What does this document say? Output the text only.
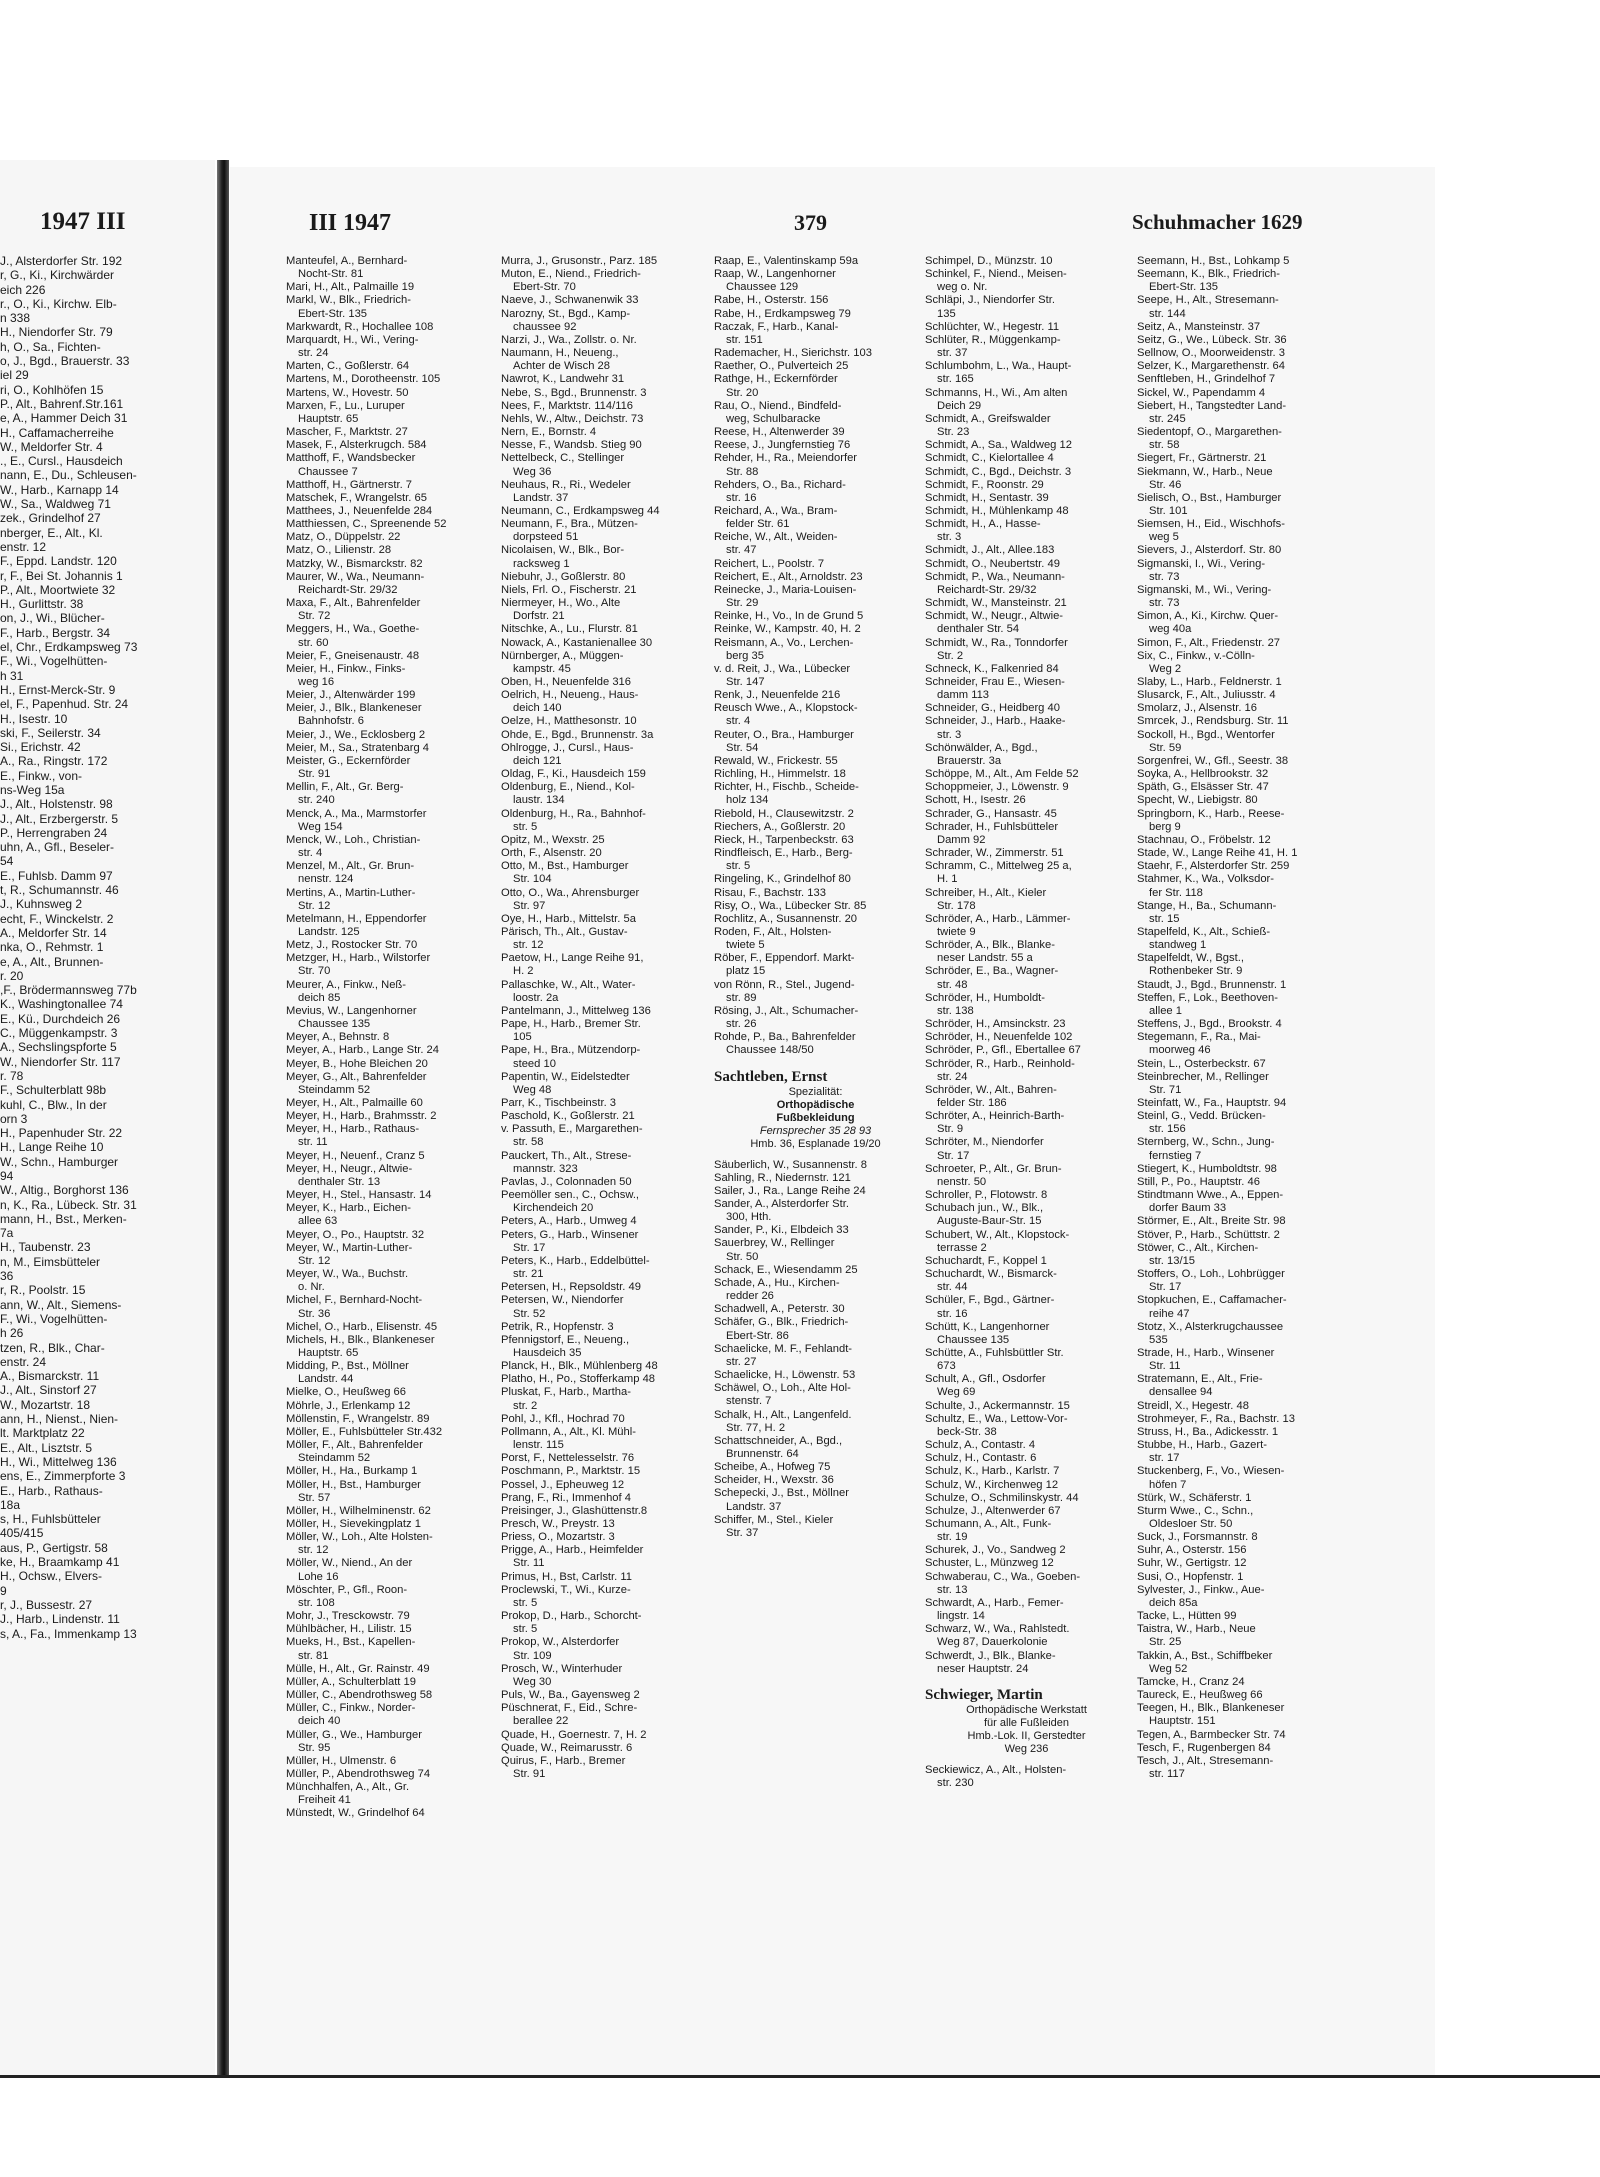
1947 III
J., Alsterdorfer Str. 192
r, G., Ki., Kirchwärder
eich 226
r., O., Ki., Kirchw. Elb-
n 338
H., Niendorfer Str. 79
h, O., Sa., Fichten-
o, J., Bgd., Brauerstr. 33
iel 29
ri, O., Kohlhöfen 15
P., Alt., Bahrenf.Str.161
e, A., Hammer Deich 31
H., Caffamacherreihe
W., Meldorfer Str. 4
., E., Cursl., Hausdeich
nann, E., Du., Schleusen-
W., Harb., Karnapp 14
W., Sa., Waldweg 71
zek., Grindelhof 27
nberger, E., Alt., Kl.
enstr. 12
F., Eppd. Landstr. 120
r, F., Bei St. Johannis 1
P., Alt., Moortwiete 32
H., Gurlittstr. 38
on, J., Wi., Blücher-
F., Harb., Bergstr. 34
el, Chr., Erdkampsweg 73
F., Wi., Vogelhütten-
h 31
H., Ernst-Merck-Str. 9
el, F., Papenhud. Str. 24
H., Isestr. 10
ski, F., Seilerstr. 34
Si., Erichstr. 42
A., Ra., Ringstr. 172
E., Finkw., von-
ns-Weg 15a
J., Alt., Holstenstr. 98
J., Alt., Erzbergerstr. 5
P., Herrengraben 24
uhn, A., Gfl., Beseler-
54
E., Fuhlsb. Damm 97
t, R., Schumannstr. 46
J., Kuhnsweg 2
echt, F., Winckelstr. 2
A., Meldorfer Str. 14
nka, O., Rehmstr. 1
e, A., Alt., Brunnen-
r. 20
,F., Brödermannsweg 77b
K., Washingtonallee 74
E., Kü., Durchdeich 26
C., Müggenkampstr. 3
A., Sechslingspforte 5
W., Niendorfer Str. 117
r. 78
F., Schulterblatt 98b
kuhl, C., Blw., In der
orn 3
H., Papenhuder Str. 22
H., Lange Reihe 10
W., Schn., Hamburger
94
W., Altig., Borghorst 136
n, K., Ra., Lübeck. Str. 31
mann, H., Bst., Merken-
7a
H., Taubenstr. 23
n, M., Eimsbütteler
36
r, R., Poolstr. 15
ann, W., Alt., Siemens-
F., Wi., Vogelhütten-
h 26
tzen, R., Blk., Char-
enstr. 24
A., Bismarckstr. 11
J., Alt., Sinstorf 27
W., Mozartstr. 18
ann, H., Nienst., Nien-
lt. Marktplatz 22
E., Alt., Lisztstr. 5
H., Wi., Mittelweg 136
ens, E., Zimmerpforte 3
E., Harb., Rathaus-
18a
s, H., Fuhlsbütteler
405/415
aus, P., Gertigstr. 58
ke, H., Braamkamp 41
H., Ochsw., Elvers-
9
r, J., Bussestr. 27
J., Harb., Lindenstr. 11
s, A., Fa., Immenkamp 13
III 1947	379	Schuhmacher 1629
Manteufel, A., Bernhard-
Nocht-Str. 81
Mari, H., Alt., Palmaille 19
Markl, W., Blk., Friedrich-
Ebert-Str. 135
Markwardt, R., Hochallee 108
Marquardt, H., Wi., Vering-
str. 24
Marten, C., Goßlerstr. 64
Martens, M., Dorotheenstr. 105
Martens, W., Hovestr. 50
Marxen, F., Lu., Luruper
Hauptstr. 65
Mascher, F., Marktstr. 27
Masek, F., Alsterkrugch. 584
Matthoff, F., Wandsbecker
Chaussee 7
Matthoff, H., Gärtnerstr. 7
Matschek, F., Wrangelstr. 65
Matthees, J., Neuenfelde 284
Matthiessen, C., Spreenende 52
Matz, O., Düppelstr. 22
Matz, O., Lilienstr. 28
Matzky, W., Bismarckstr. 82
Maurer, W., Wa., Neumann-
Reichardt-Str. 29/32
Maxa, F., Alt., Bahrenfelder
Str. 72
Meggers, H., Wa., Goethe-
str. 60
Meier, F., Gneisenaustr. 48
Meier, H., Finkw., Finks-
weg 16
Meier, J., Altenwärder 199
Meier, J., Blk., Blankeneser
Bahnhofstr. 6
Meier, J., We., Ecklosberg 2
Meier, M., Sa., Stratenbarg 4
Meister, G., Eckernförder
Str. 91
Mellin, F., Alt., Gr. Berg-
str. 240
Menck, A., Ma., Marmstorfer
Weg 154
Menck, W., Loh., Christian-
str. 4
Menzel, M., Alt., Gr. Brun-
nenstr. 124
Mertins, A., Martin-Luther-
Str. 12
Metelmann, H., Eppendorfer
Landstr. 125
Metz, J., Rostocker Str. 70
Metzger, H., Harb., Wilstorfer
Str. 70
Meurer, A., Finkw., Neß-
deich 85
Mevius, W., Langenhorner
Chaussee 135
Meyer, A., Behnstr. 8
Meyer, A., Harb., Lange Str. 24
Meyer, B., Hohe Bleichen 20
Meyer, G., Alt., Bahrenfelder
Steindamm 52
Meyer, H., Alt., Palmaille 60
Meyer, H., Harb., Brahmsstr. 2
Meyer, H., Harb., Rathaus-
str. 11
Meyer, H., Neuenf., Cranz 5
Meyer, H., Neugr., Altwie-
denthaler Str. 13
Meyer, H., Stel., Hansastr. 14
Meyer, K., Harb., Eichen-
allee 63
Meyer, O., Po., Hauptstr. 32
Meyer, W., Martin-Luther-
Str. 12
Meyer, W., Wa., Buchstr.
o. Nr.
Michel, F., Bernhard-Nocht-
Str. 36
Michel, O., Harb., Elisenstr. 45
Michels, H., Blk., Blankeneser
Hauptstr. 65
Midding, P., Bst., Möllner
Landstr. 44
Mielke, O., Heußweg 66
Möhrle, J., Erlenkamp 12
Möllenstin, F., Wrangelstr. 89
Möller, E., Fuhlsbütteler Str.432
Möller, F., Alt., Bahrenfelder
Steindamm 52
Möller, H., Ha., Burkamp 1
Möller, H., Bst., Hamburger
Str. 57
Möller, H., Wilhelminenstr. 62
Möller, H., Sievekingplatz 1
Möller, W., Loh., Alte Holsten-
str. 12
Möller, W., Niend., An der
Lohe 16
Möschter, P., Gfl., Roon-
str. 108
Mohr, J., Tresckowstr. 79
Mühlbächer, H., Lilistr. 15
Mueks, H., Bst., Kapellen-
str. 81
Mülle, H., Alt., Gr. Rainstr. 49
Müller, A., Schulterblatt 19
Müller, C., Abendrothsweg 58
Müller, C., Finkw., Norder-
deich 40
Müller, G., We., Hamburger
Str. 95
Müller, H., Ulmenstr. 6
Müller, P., Abendrothsweg 74
Münchhalfen, A., Alt., Gr.
Freiheit 41
Münstedt, W., Grindelhof 64
Murra, J., Grusonstr., Parz. 185
Muton, E., Niend., Friedrich-
Ebert-Str. 70
Naeve, J., Schwanenwik 33
Narozny, St., Bgd., Kamp-
chaussee 92
Narzi, J., Wa., Zollstr. o. Nr.
Naumann, H., Neueng.,
Achter de Wisch 28
Nawrot, K., Landwehr 31
Nebe, S., Bgd., Brunnenstr. 3
Nees, F., Marktstr. 114/116
Nehls, W., Altw., Deichstr. 73
Nern, E., Bornstr. 4
Nesse, F., Wandsb. Stieg 90
Nettelbeck, C., Stellinger
Weg 36
Neuhaus, R., Ri., Wedeler
Landstr. 37
Neumann, C., Erdkampsweg 44
Neumann, F., Bra., Mützen-
dorpsteed 51
Nicolaisen, W., Blk., Bor-
racksweg 1
Niebuhr, J., Goßlerstr. 80
Niels, Frl. O., Fischerstr. 21
Niermeyer, H., Wo., Alte
Dorfstr. 21
Nitschke, A., Lu., Flurstr. 81
Nowack, A., Kastanienallee 30
Nürnberger, A., Müggen-
kampstr. 45
Oben, H., Neuenfelde 316
Oelrich, H., Neueng., Haus-
deich 140
Oelze, H., Matthesonstr. 10
Ohde, E., Bgd., Brunnenstr. 3a
Ohlrogge, J., Cursl., Haus-
deich 121
Oldag, F., Ki., Hausdeich 159
Oldenburg, E., Niend., Kol-
laustr. 134
Oldenburg, H., Ra., Bahnhof-
str. 5
Opitz, M., Wexstr. 25
Orth, F., Alsenstr. 20
Otto, M., Bst., Hamburger
Str. 104
Otto, O., Wa., Ahrensburger
Str. 97
Oye, H., Harb., Mittelstr. 5a
Pärisch, Th., Alt., Gustav-
str. 12
Paetow, H., Lange Reihe 91,
H. 2
Pallaschke, W., Alt., Water-
loostr. 2a
Pantelmann, J., Mittelweg 136
Pape, H., Harb., Bremer Str.
105
Pape, H., Bra., Mützendorp-
steed 10
Papentin, W., Eidelstedter
Weg 48
Parr, K., Tischbeinstr. 3
Paschold, K., Goßlerstr. 21
v. Passuth, E., Margarethen-
str. 58
Pauckert, Th., Alt., Strese-
mannstr. 323
Pavlas, J., Colonnaden 50
Peemöller sen., C., Ochsw.,
Kirchendeich 20
Peters, A., Harb., Umweg 4
Peters, G., Harb., Winsener
Str. 17
Peters, K., Harb., Eddelbüttel-
str. 21
Petersen, H., Repsoldstr. 49
Petersen, W., Niendorfer
Str. 52
Petrik, R., Hopfenstr. 3
Pfennigstorf, E., Neueng.,
Hausdeich 35
Planck, H., Blk., Mühlenberg 48
Platho, H., Po., Stofferkamp 48
Pluskat, F., Harb., Martha-
str. 2
Pohl, J., Kfl., Hochrad 70
Pollmann, A., Alt., Kl. Mühl-
lenstr. 115
Porst, F., Nettelesselstr. 76
Poschmann, P., Marktstr. 15
Possel, J., Epheuweg 12
Prang, F., Ri., Immenhof 4
Preisinger, J., Glashüttenstr.8
Presch, W., Preystr. 13
Priess, O., Mozartstr. 3
Prigge, A., Harb., Heimfelder
Str. 11
Primus, H., Bst, Carlstr. 11
Proclewski, T., Wi., Kurze-
str. 5
Prokop, D., Harb., Schorcht-
str. 5
Prokop, W., Alsterdorfer
Str. 109
Prosch, W., Winterhuder
Weg 30
Puls, W., Ba., Gayensweg 2
Püschnerat, F., Eid., Schre-
berallee 22
Quade, H., Goernestr. 7, H. 2
Quade, W., Reimarusstr. 6
Quirus, F., Harb., Bremer
Str. 91
Raap, E., Valentinskamp 59a
Raap, W., Langenhorner
Chaussee 129
Rabe, H., Osterstr. 156
Rabe, H., Erdkampsweg 79
Raczak, F., Harb., Kanal-
str. 151
Rademacher, H., Sierichstr. 103
Raether, O., Pulverteich 25
Rathge, H., Eckernförder
Str. 20
Rau, O., Niend., Bindfeld-
weg, Schulbaracke
Reese, H., Altenwerder 39
Reese, J., Jungfernstieg 76
Rehder, H., Ra., Meiendorfer
Str. 88
Rehders, O., Ba., Richard-
str. 16
Reichard, A., Wa., Bram-
felder Str. 61
Reiche, W., Alt., Weiden-
str. 47
Reichert, L., Poolstr. 7
Reichert, E., Alt., Arnoldstr. 23
Reinecke, J., Maria-Louisen-
Str. 29
Reinke, H., Vo., In de Grund 5
Reinke, W., Kampstr. 40, H. 2
Reismann, A., Vo., Lerchen-
berg 35
v. d. Reit, J., Wa., Lübecker
Str. 147
Renk, J., Neuenfelde 216
Reusch Wwe., A., Klopstock-
str. 4
Reuter, O., Bra., Hamburger
Str. 54
Rewald, W., Frickestr. 55
Richling, H., Himmelstr. 18
Richter, H., Fischb., Scheide-
holz 134
Riebold, H., Clausewitzstr. 2
Riechers, A., Goßlerstr. 20
Rieck, H., Tarpenbeckstr. 63
Rindfleisch, E., Harb., Berg-
str. 5
Ringeling, K., Grindelhof 80
Risau, F., Bachstr. 133
Risy, O., Wa., Lübecker Str. 85
Rochlitz, A., Susannenstr. 20
Roden, F., Alt., Holsten-
twiete 5
Röber, F., Eppendorf. Markt-
platz 15
von Rönn, R., Stel., Jugend-
str. 89
Rösing, J., Alt., Schumacher-
str. 26
Rohde, P., Ba., Bahrenfelder
Chaussee 148/50
Sachtleben, Ernst
Spezialität:
Orthopädische
Fußbekleidung
Fernsprecher 35 28 93
Hmb. 36, Esplanade 19/20
Säuberlich, W., Susannenstr. 8
Sahling, R., Niedernstr. 121
Sailer, J., Ra., Lange Reihe 24
Sander, A., Alsterdorfer Str.
300, Hth.
Sander, P., Ki., Elbdeich 33
Sauerbrey, W., Rellinger
Str. 50
Schack, E., Wiesendamm 25
Schade, A., Hu., Kirchen-
redder 26
Schadwell, A., Peterstr. 30
Schäfer, G., Blk., Friedrich-
Ebert-Str. 86
Schaelicke, M. F., Fehlandt-
str. 27
Schaelicke, H., Löwenstr. 53
Schäwel, O., Loh., Alte Hol-
stenstr. 7
Schalk, H., Alt., Langenfeld.
Str. 77, H. 2
Schattschneider, A., Bgd.,
Brunnenstr. 64
Scheibe, A., Hofweg 75
Scheider, H., Wexstr. 36
Schepecki, J., Bst., Möllner
Landstr. 37
Schiffer, M., Stel., Kieler
Str. 37
Schimpel, D., Münzstr. 10
Schinkel, F., Niend., Meisen-
weg o. Nr.
Schläpi, J., Niendorfer Str.
135
Schlüchter, W., Hegestr. 11
Schlüter, R., Müggenkamp-
str. 37
Schlumbohm, L., Wa., Haupt-
str. 165
Schmanns, H., Wi., Am alten
Deich 29
Schmidt, A., Greifswalder
Str. 23
Schmidt, A., Sa., Waldweg 12
Schmidt, C., Kielortallee 4
Schmidt, C., Bgd., Deichstr. 3
Schmidt, F., Roonstr. 29
Schmidt, H., Sentastr. 39
Schmidt, H., Mühlenkamp 48
Schmidt, H., A., Hasse-
str. 3
Schmidt, J., Alt., Allee.183
Schmidt, O., Neubertstr. 49
Schmidt, P., Wa., Neumann-
Reichardt-Str. 29/32
Schmidt, W., Mansteinstr. 21
Schmidt, W., Neugr., Altwie-
denthaler Str. 54
Schmidt, W., Ra., Tonndorfer
Str. 2
Schneck, K., Falkenried 84
Schneider, Frau E., Wiesen-
damm 113
Schneider, G., Heidberg 40
Schneider, J., Harb., Haake-
str. 3
Schönwälder, A., Bgd.,
Brauerstr. 3a
Schöppe, M., Alt., Am Felde 52
Schoppmeier, J., Löwenstr. 9
Schott, H., Isestr. 26
Schrader, G., Hansastr. 45
Schrader, H., Fuhlsbütteler
Damm 92
Schrader, W., Zimmerstr. 51
Schramm, C., Mittelweg 25 a,
H. 1
Schreiber, H., Alt., Kieler
Str. 178
Schröder, A., Harb., Lämmer-
twiete 9
Schröder, A., Blk., Blanke-
neser Landstr. 55 a
Schröder, E., Ba., Wagner-
str. 48
Schröder, H., Humboldt-
str. 138
Schröder, H., Amsinckstr. 23
Schröder, H., Neuenfelde 102
Schröder, P., Gfl., Ebertallee 67
Schröder, R., Harb., Reinhold-
str. 24
Schröder, W., Alt., Bahren-
felder Str. 186
Schröter, A., Heinrich-Barth-
Str. 9
Schröter, M., Niendorfer
Str. 17
Schroeter, P., Alt., Gr. Brun-
nenstr. 50
Schroller, P., Flotowstr. 8
Schubach jun., W., Blk.,
Auguste-Baur-Str. 15
Schubert, W., Alt., Klopstock-
terrasse 2
Schuchardt, F., Koppel 1
Schuchardt, W., Bismarck-
str. 44
Schüler, F., Bgd., Gärtner-
str. 16
Schütt, K., Langenhorner
Chaussee 135
Schütte, A., Fuhlsbüttler Str.
673
Schult, A., Gfl., Osdorfer
Weg 69
Schulte, J., Ackermannstr. 15
Schultz, E., Wa., Lettow-Vor-
beck-Str. 38
Schulz, A., Contastr. 4
Schulz, H., Contastr. 6
Schulz, K., Harb., Karlstr. 7
Schulz, W., Kirchenweg 12
Schulze, O., Schmilinskystr. 44
Schulze, J., Altenwerder 67
Schumann, A., Alt., Funk-
str. 19
Schurek, J., Vo., Sandweg 2
Schuster, L., Münzweg 12
Schwaberau, C., Wa., Goeben-
str. 13
Schwardt, A., Harb., Femer-
lingstr. 14
Schwarz, W., Wa., Rahlstedt.
Weg 87, Dauerkolonie
Schwerdt, J., Blk., Blanke-
neser Hauptstr. 24
Schwieger, Martin
Orthopädische Werkstatt
für alle Fußleiden
Hmb.-Lok. II, Gerstedter
Weg 236
Seckiewicz, A., Alt., Holsten-
str. 230
Seemann, H., Bst., Lohkamp 5
Seemann, K., Blk., Friedrich-
Ebert-Str. 135
Seepe, H., Alt., Stresemann-
str. 144
Seitz, A., Mansteinstr. 37
Seitz, G., We., Lübeck. Str. 36
Sellnow, O., Moorweidenstr. 3
Selzer, K., Margarethenstr. 64
Senftleben, H., Grindelhof 7
Sickel, W., Papendamm 4
Siebert, H., Tangstedter Land-
str. 245
Siedentopf, O., Margarethen-
str. 58
Siegert, Fr., Gärtnerstr. 21
Siekmann, W., Harb., Neue
Str. 46
Sielisch, O., Bst., Hamburger
Str. 101
Siemsen, H., Eid., Wischhofs-
weg 5
Sievers, J., Alsterdorf. Str. 80
Sigmanski, I., Wi., Vering-
str. 73
Sigmanski, M., Wi., Vering-
str. 73
Simon, A., Ki., Kirchw. Quer-
weg 40a
Simon, F., Alt., Friedenstr. 27
Six, C., Finkw., v.-Cölln-
Weg 2
Slaby, L., Harb., Feldnerstr. 1
Slusarck, F., Alt., Juliusstr. 4
Smolarz, J., Alsenstr. 16
Smrcek, J., Rendsburg. Str. 11
Sockoll, H., Bgd., Wentorfer
Str. 59
Sorgenfrei, W., Gfl., Seestr. 38
Soyka, A., Hellbrookstr. 32
Späth, G., Elsässer Str. 47
Specht, W., Liebigstr. 80
Springborn, K., Harb., Reese-
berg 9
Stachnau, O., Fröbelstr. 12
Stade, W., Lange Reihe 41, H. 1
Staehr, F., Alsterdorfer Str. 259
Stahmer, K., Wa., Volksdor-
fer Str. 118
Stange, H., Ba., Schumann-
str. 15
Stapelfeld, K., Alt., Schieß-
standweg 1
Stapelfeldt, W., Bgst.,
Rothenbeker Str. 9
Staudt, J., Bgd., Brunnenstr. 1
Steffen, F., Lok., Beethoven-
allee 1
Steffens, J., Bgd., Brookstr. 4
Stegemann, F., Ra., Mai-
moorweg 46
Stein, L., Osterbeckstr. 67
Steinbrecher, M., Rellinger
Str. 71
Steinfatt, W., Fa., Hauptstr. 94
Steinl, G., Vedd. Brücken-
str. 156
Sternberg, W., Schn., Jung-
fernstieg 7
Stiegert, K., Humboldtstr. 98
Still, P., Po., Hauptstr. 46
Stindtmann Wwe., A., Eppen-
dorfer Baum 33
Störmer, E., Alt., Breite Str. 98
Stöver, P., Harb., Schüttstr. 2
Stöwer, C., Alt., Kirchen-
str. 13/15
Stoffers, O., Loh., Lohbrügger
Str. 17
Stopkuchen, E., Caffamacher-
reihe 47
Stotz, X., Alsterkrugchaussee
535
Strade, H., Harb., Winsener
Str. 11
Stratemann, E., Alt., Frie-
densallee 94
Streidl, X., Hegestr. 48
Strohmeyer, F., Ra., Bachstr. 13
Struss, H., Ba., Adickesstr. 1
Stubbe, H., Harb., Gazert-
str. 17
Stuckenberg, F., Vo., Wiesen-
höfen 7
Stürk, W., Schäferstr. 1
Sturm Wwe., C., Schn.,
Oldesloer Str. 50
Suck, J., Forsmannstr. 8
Suhr, A., Osterstr. 156
Suhr, W., Gertigstr. 12
Susi, O., Hopfenstr. 1
Sylvester, J., Finkw., Aue-
deich 85a
Tacke, L., Hütten 99
Taistra, W., Harb., Neue
Str. 25
Takkin, A., Bst., Schiffbeker
Weg 52
Tamcke, H., Cranz 24
Taureck, E., Heußweg 66
Teegen, H., Blk., Blankeneser
Hauptstr. 151
Tegen, A., Barmbecker Str. 74
Tesch, F., Rugenbergen 84
Tesch, J., Alt., Stresemann-
str. 117
